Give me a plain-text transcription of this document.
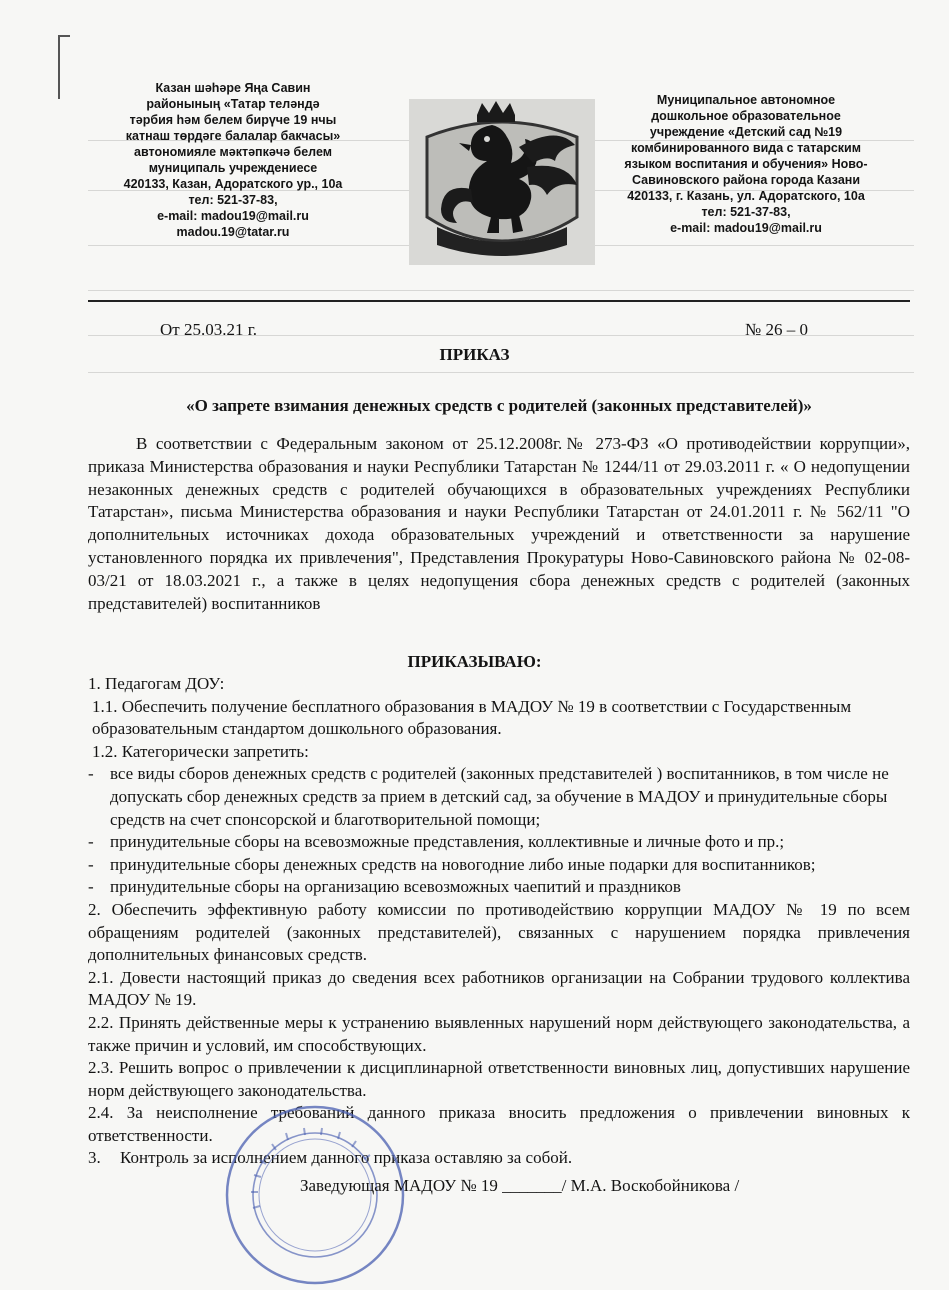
Казан шәһәре Яңа Савин
районының «Татар теләндә
тәрбия һәм белем бирүче 19 нчы
катнаш төрдәге балалар бакчасы»
автономияле мәктәпкәчә белем
муниципаль учреждениесе
420133, Казан, Адоратского ур., 10а
тел: 521-37-83,
e-mail: madou19@mail.ru
madou.19@tatar.ru
Муниципальное автономное
дошкольное образовательное
учреждение «Детский сад №19
комбинированного вида с татарским
языком воспитания и обучения» Ново-
Савиновского района города Казани
420133, г. Казань, ул. Адоратского, 10а
тел: 521-37-83,
e-mail: madou19@mail.ru
От 25.03.21 г.	№ 26 – 0
ПРИКАЗ
«О запрете взимания денежных средств с родителей (законных представителей)»

В соответствии с Федеральным законом от 25.12.2008г.№ 273-ФЗ «О противодействии коррупции», приказа Министерства образования и науки Республики Татарстан № 1244/11 от 29.03.2011 г. « О недопущении незаконных денежных средств с родителей обучающихся в образовательных учреждениях Республики Татарстан», письма Министерства образования и науки Республики Татарстан от 24.01.2011 г. № 562/11 "О дополнительных источниках дохода образовательных учреждений и ответственности за нарушение установленного порядка их привлечения", Представления Прокуратуры Ново-Савиновского района № 02-08-03/21 от 18.03.2021 г., а также в целях недопущения сбора денежных средств с родителей (законных представителей) воспитанников

ПРИКАЗЫВАЮ:

1. Педагогам ДОУ:

1.1. Обеспечить получение бесплатного образования в МАДОУ № 19 в соответствии с Государственным образовательным стандартом дошкольного образования.

1.2. Категорически запретить:

- все виды сборов денежных средств с родителей (законных представителей ) воспитанников, в том числе не допускать сбор денежных средств за прием в детский сад, за обучение в МАДОУ и принудительные сборы средств на счет спонсорской и благотворительной помощи;
- принудительные сборы на всевозможные представления, коллективные и личные фото и пр.;
- принудительные сборы денежных средств на новогодние либо иные подарки для воспитанников;
- принудительные сборы на организацию всевозможных чаепитий и праздников

2. Обеспечить эффективную работу комиссии по противодействию коррупции МАДОУ № 19 по всем обращениям родителей (законных представителей), связанных с нарушением порядка привлечения дополнительных финансовых средств.

2.1. Довести настоящий приказ до сведения всех работников организации на Собрании трудового коллектива МАДОУ № 19.

2.2. Принять действенные меры к устранению выявленных нарушений норм действующего законодательства, а также причин и условий, им способствующих.

2.3. Решить вопрос о привлечении к дисциплинарной ответственности виновных лиц, допустивших нарушение норм действующего законодательства.

2.4. За неисполнение требований данного приказа вносить предложения о привлечении виновных к ответственности.

3.	Контроль за исполнением данного приказа оставляю за собой.
Заведующая МАДОУ № 19 _______/ М.А. Воскобойникова /
